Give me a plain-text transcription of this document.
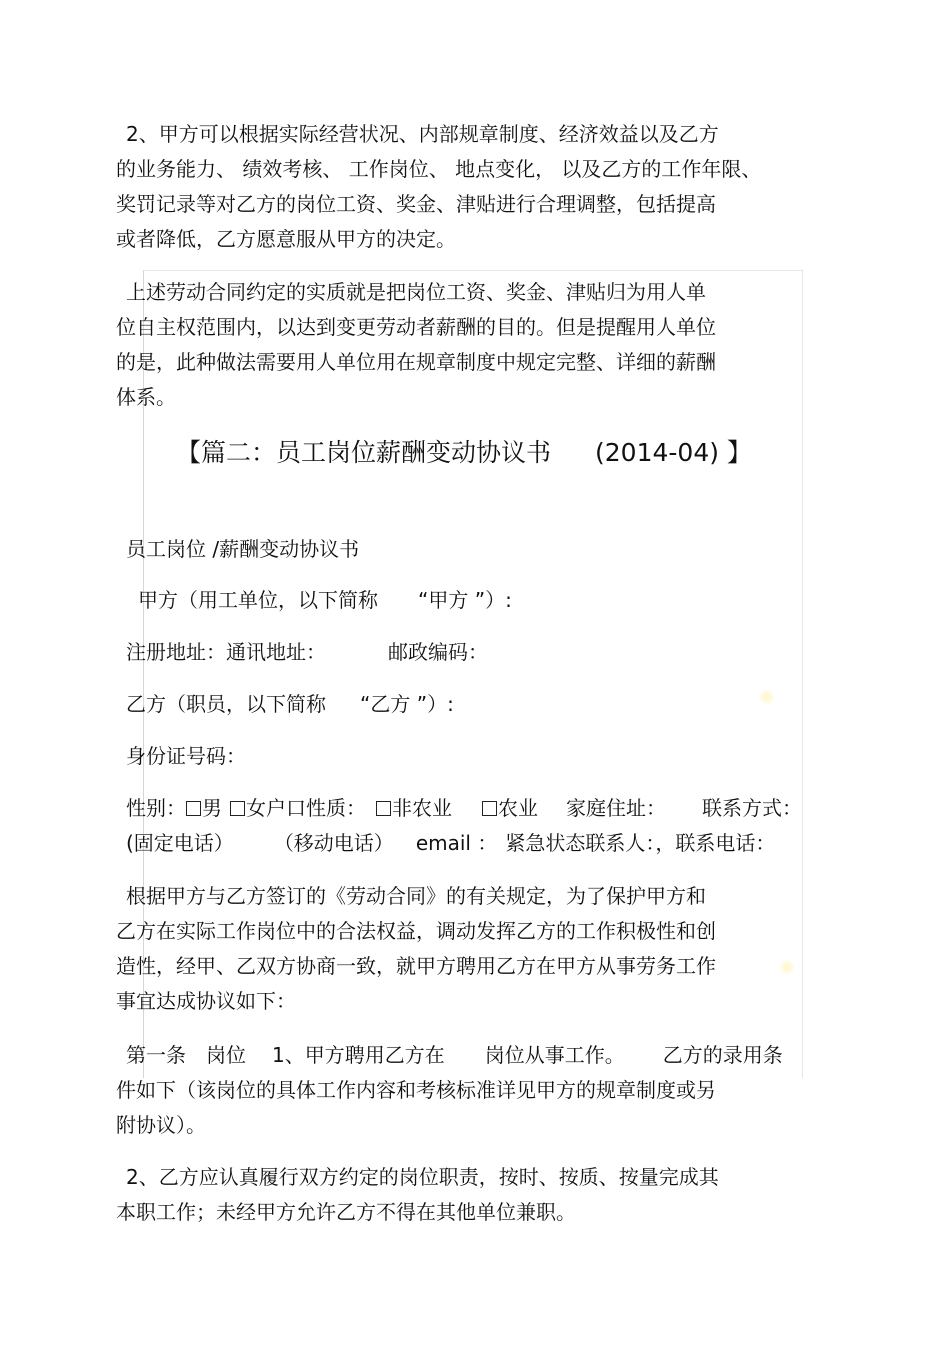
2、甲方可以根据实际经营状况、内部规章制度、经济效益以及乙方
的业务能力、 绩效考核、 工作岗位、 地点变化， 以及乙方的工作年限、
奖罚记录等对乙方的岗位工资、奖金、津贴进行合理调整，包括提高
或者降低，乙方愿意服从甲方的决定。
上述劳动合同约定的实质就是把岗位工资、奖金、津贴归为用人单
位自主权范围内，以达到变更劳动者薪酬的目的。但是提醒用人单位
的是，此种做法需要用人单位用在规章制度中规定完整、详细的薪酬
体系。
【篇二：员工岗位薪酬变动协议书 (2014-04) 】
员工岗位 /薪酬变动协议书
甲方（用工单位，以下简称 “甲方 ”）:
注册地址：通讯地址：	邮政编码：
乙方（职员，以下简称 “乙方 ”）:
身份证号码：
性别： 男 女户口性质： 非农业 农业 家庭住址： 联系方式：
(固定电话） （移动电话） email ： 紧急状态联系人：，联系电话：
根据甲方与乙方签订的《劳动合同》的有关规定，为了保护甲方和
乙方在实际工作岗位中的合法权益，调动发挥乙方的工作积极性和创
造性，经甲、乙双方协商一致，就甲方聘用乙方在甲方从事劳务工作
事宜达成协议如下：
第一条 岗位 1、甲方聘用乙方在 岗位从事工作。 乙方的录用条
件如下（该岗位的具体工作内容和考核标准详见甲方的规章制度或另
附协议）。
2、乙方应认真履行双方约定的岗位职责，按时、按质、按量完成其
本职工作；未经甲方允许乙方不得在其他单位兼职。
